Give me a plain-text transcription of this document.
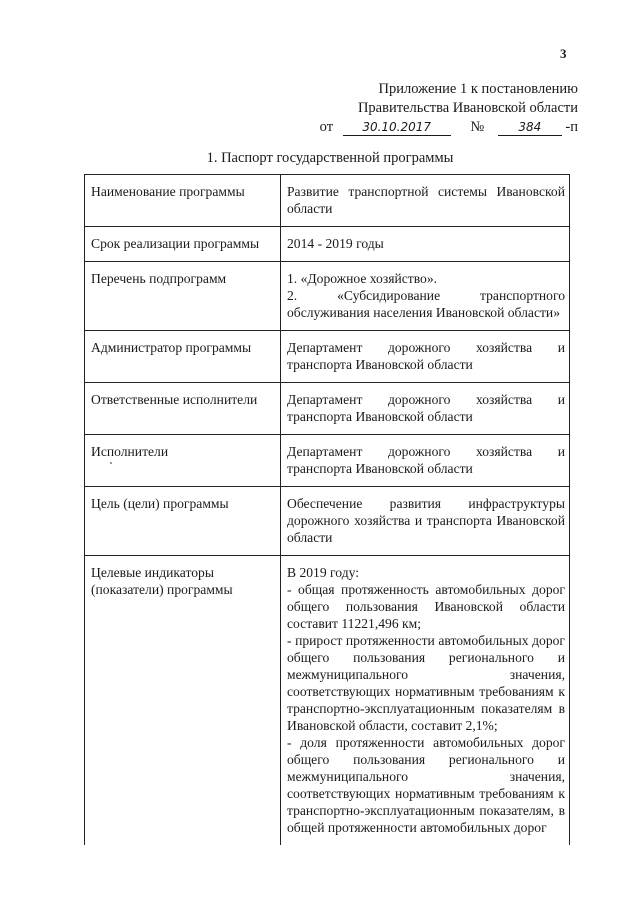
3
Приложение 1 к постановлению
Правительства Ивановской области
от 30.10.2017	№	384 -п
1. Паспорт государственной программы
Наименование программы	Развитие транспортной системы Ивановской области

Срок реализации программы	2014 - 2019 годы

Перечень подпрограмм	1. «Дорожное хозяйство».
2. «Субсидирование транспортного обслуживания населения Ивановской области»

Администратор программы	Департамент дорожного хозяйства и транспорта Ивановской области

Ответственные исполнители	Департамент дорожного хозяйства и транспорта Ивановской области

Исполнители	Департамент дорожного хозяйства и транспорта Ивановской области

Цель (цели) программы	Обеспечение развития инфраструктуры дорожного хозяйства и транспорта Ивановской области

Целевые индикаторы (показатели) программы	В 2019 году:
- общая протяженность автомобильных дорог общего пользования Ивановской области составит 11221,496 км;
- прирост протяженности автомобильных дорог общего пользования регионального и межмуниципального значения, соответствующих нормативным требованиям к транспортно-эксплуатационным показателям в Ивановской области, составит 2,1%;
- доля протяженности автомобильных дорог общего пользования регионального и межмуниципального значения, соответствующих нормативным требованиям к транспортно-эксплуатационным показателям, в общей протяженности автомобильных дорог
